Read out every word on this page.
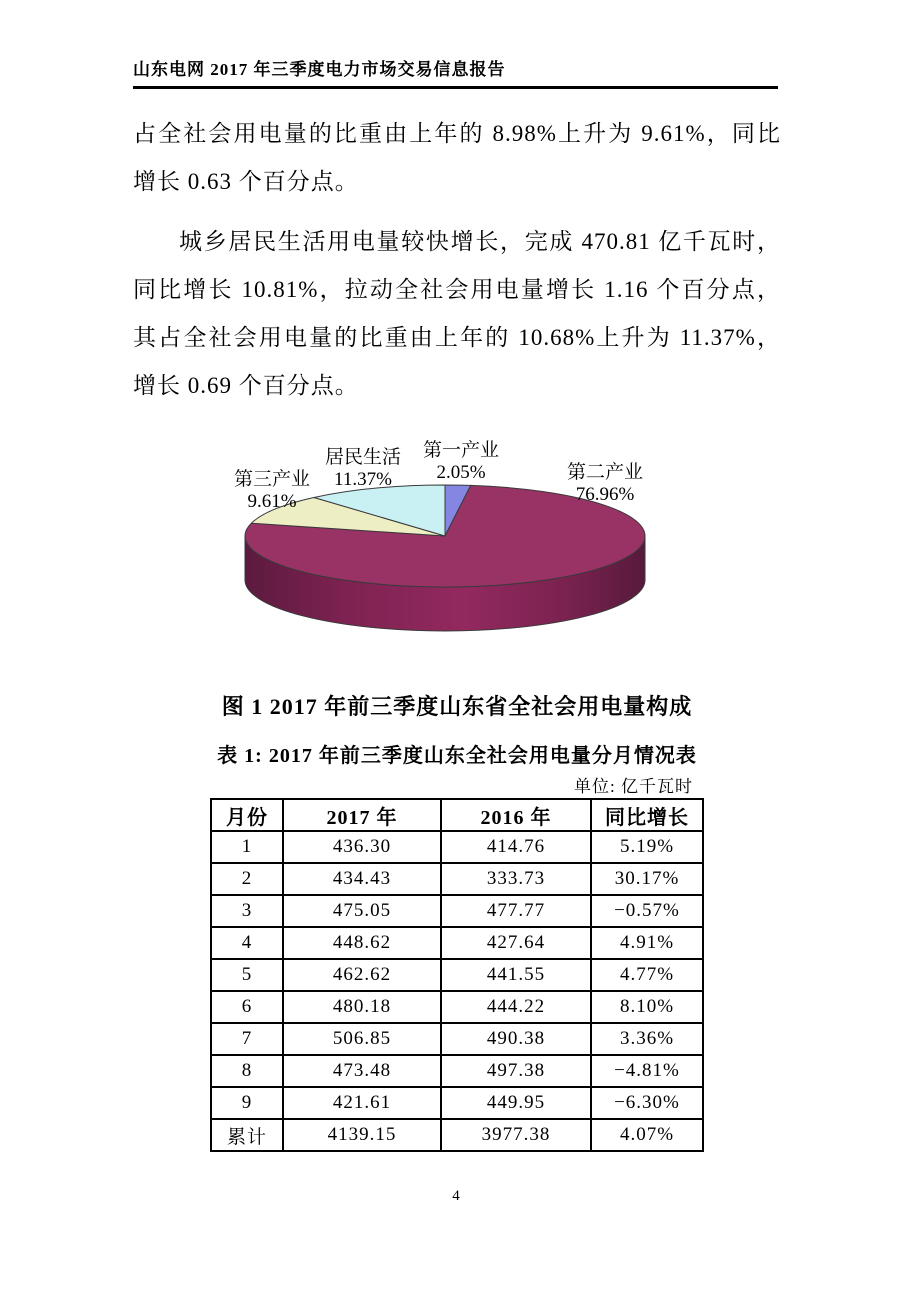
山东电网 2017 年三季度电力市场交易信息报告
占全社会用电量的比重由上年的 8.98%上升为 9.61%，同比
增长 0.63 个百分点。
城乡居民生活用电量较快增长，完成 470.81 亿千瓦时，
同比增长 10.81%，拉动全社会用电量增长 1.16 个百分点，
其占全社会用电量的比重由上年的 10.68%上升为 11.37%，
增长 0.69 个百分点。
第三产业
9.61%
居民生活
11.37%
第一产业
2.05%	第二产业
76.96%
图 1 2017 年前三季度山东省全社会用电量构成
表 1: 2017 年前三季度山东全社会用电量分月情况表
单位: 亿千瓦时
月份	2017 年	2016 年	同比增长
1	436.30	414.76	5.19%
2	434.43	333.73	30.17%
3	475.05	477.77	−0.57%
4	448.62	427.64	4.91%
5	462.62	441.55	4.77%
6	480.18	444.22	8.10%
7	506.85	490.38	3.36%
8	473.48	497.38	−4.81%
9	421.61	449.95	−6.30%
累计	4139.15	3977.38	4.07%
4
